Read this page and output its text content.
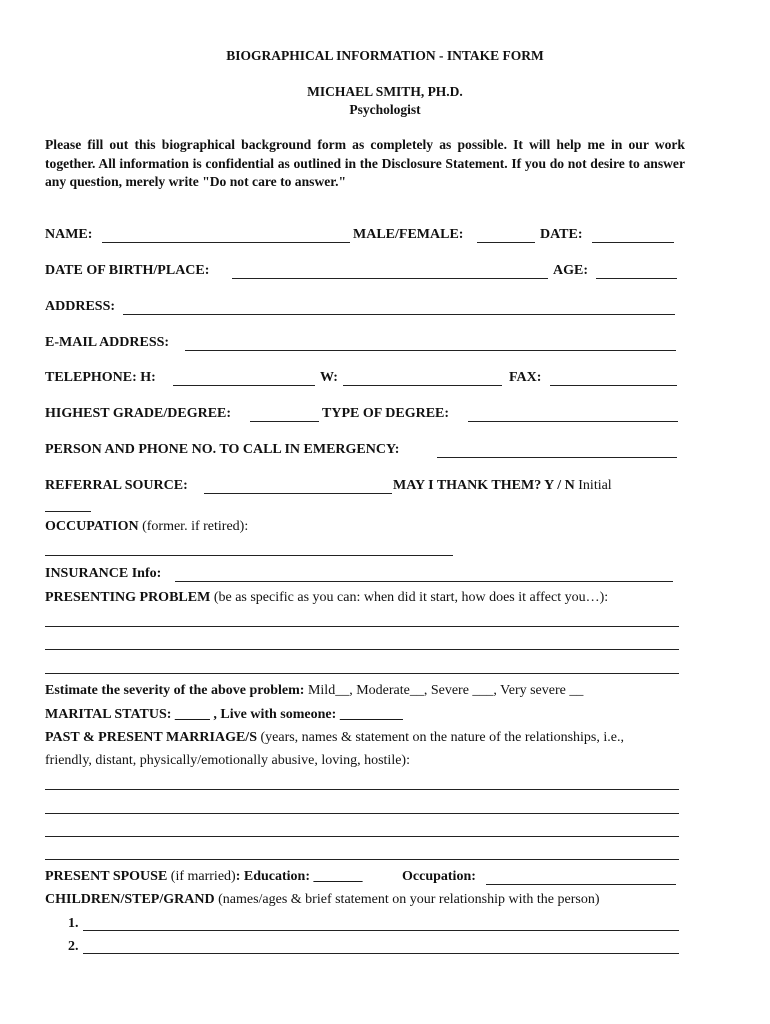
BIOGRAPHICAL INFORMATION - INTAKE FORM
MICHAEL SMITH, PH.D.
Psychologist
Please fill out this biographical background form as completely as possible. It will help me in our work together. All information is confidential as outlined in the Disclosure Statement. If you do not desire to answer any question, merely write "Do not care to answer."
NAME:	MALE/FEMALE:	DATE:
DATE OF BIRTH/PLACE:	AGE:
ADDRESS:
E-MAIL ADDRESS:
TELEPHONE: H:	W:	FAX:
HIGHEST GRADE/DEGREE:	TYPE OF DEGREE:
PERSON AND PHONE NO. TO CALL IN EMERGENCY:
REFERRAL SOURCE:	MAY I THANK THEM? Y / N Initial
OCCUPATION (former. if retired):
INSURANCE Info:
PRESENTING PROBLEM (be as specific as you can: when did it start, how does it affect you…):
Estimate the severity of the above problem: Mild__, Moderate__, Severe ___, Very severe __
MARITAL STATUS: _____ , Live with someone: _________
PAST & PRESENT MARRIAGE/S (years, names & statement on the nature of the relationships, i.e.,
friendly, distant, physically/emotionally abusive, loving, hostile):
PRESENT SPOUSE (if married): Education: _______	Occupation:
CHILDREN/STEP/GRAND (names/ages & brief statement on your relationship with the person)
1.
2.
